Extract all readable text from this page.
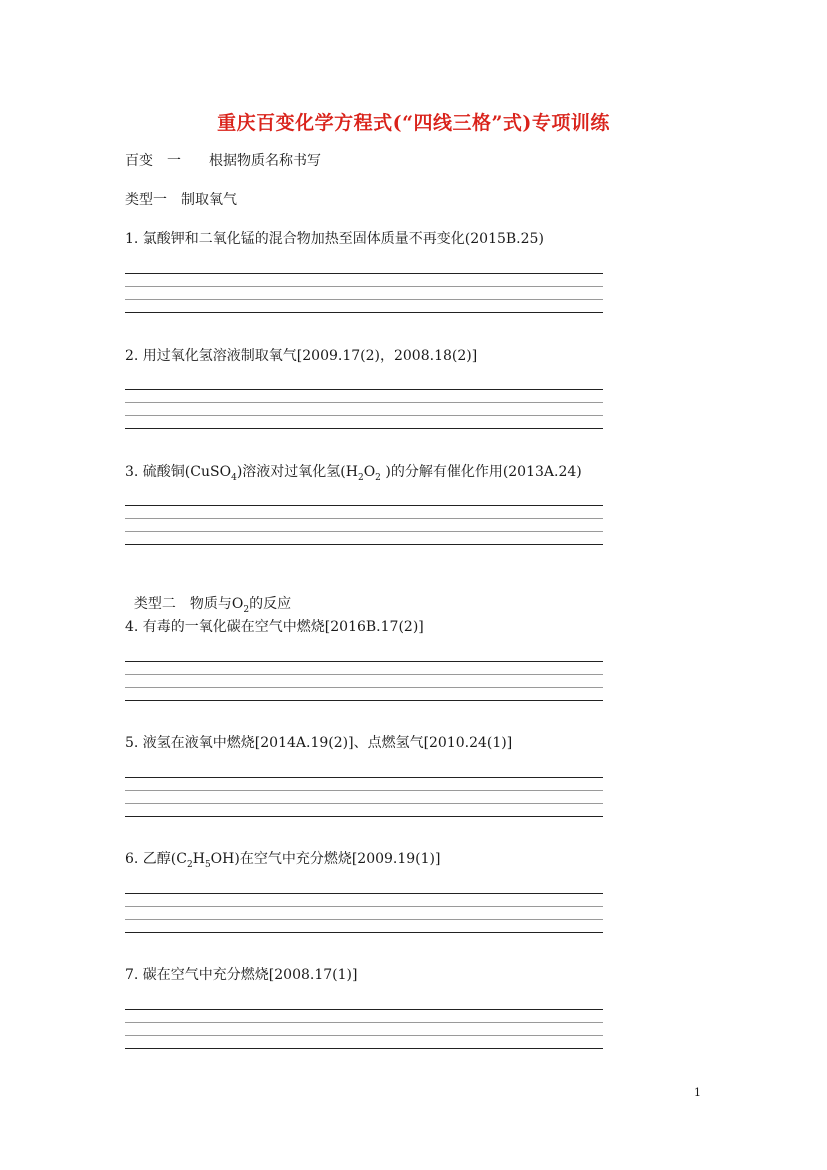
重庆百变化学方程式(“四线三格”式)专项训练
百变　一　　根据物质名称书写
类型一　制取氧气
1. 氯酸钾和二氧化锰的混合物加热至固体质量不再变化(2015B.25)
2. 用过氧化氢溶液制取氧气[2009.17(2)，2008.18(2)]
3. 硫酸铜(CuSO$_4$)溶液对过氧化氢($H_2O_2$ )的分解有催化作用(2013A.24)

类型二　物质与$O_2$的反应

4. 有毒的一氧化碳在空气中燃烧[2016B.17(2)]
5. 液氢在液氧中燃烧[2014A.19(2)]、点燃氢气[2010.24(1)]
6. 乙醇$(C_2H_5OH)$在空气中充分燃烧[2009.19(1)]
7. 碳在空气中充分燃烧[2008.17(1)]
1
